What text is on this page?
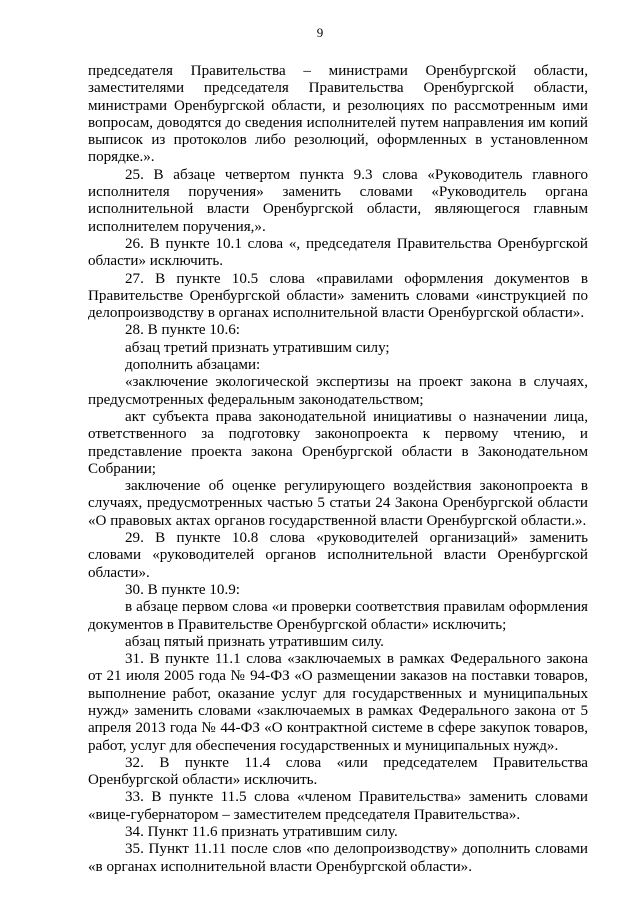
9

председателя Правительства – министрами Оренбургской области, заместителями председателя Правительства Оренбургской области, министрами Оренбургской области, и резолюциях по рассмотренным ими вопросам, доводятся до сведения исполнителей путем направления им копий выписок из протоколов либо резолюций, оформленных в установленном порядке.».

25. В абзаце четвертом пункта 9.3 слова «Руководитель главного исполнителя поручения» заменить словами «Руководитель органа исполнительной власти Оренбургской области, являющегося главным исполнителем поручения,».

26. В пункте 10.1 слова «, председателя Правительства Оренбургской области» исключить.

27. В пункте 10.5 слова «правилами оформления документов в Правительстве Оренбургской области» заменить словами «инструкцией по делопроизводству в органах исполнительной власти Оренбургской области».

28. В пункте 10.6:

абзац третий признать утратившим силу;

дополнить абзацами:

«заключение экологической экспертизы на проект закона в случаях, предусмотренных федеральным законодательством;

акт субъекта права законодательной инициативы о назначении лица, ответственного за подготовку законопроекта к первому чтению, и представление проекта закона Оренбургской области в Законодательном Собрании;

заключение об оценке регулирующего воздействия законопроекта в случаях, предусмотренных частью 5 статьи 24 Закона Оренбургской области «О правовых актах органов государственной власти Оренбургской области.».

29. В пункте 10.8 слова «руководителей организаций» заменить словами «руководителей органов исполнительной власти Оренбургской области».

30. В пункте 10.9:

в абзаце первом слова «и проверки соответствия правилам оформления документов в Правительстве Оренбургской области» исключить;

абзац пятый признать утратившим силу.

31. В пункте 11.1 слова «заключаемых в рамках Федерального закона от 21 июля 2005 года № 94-ФЗ «О размещении заказов на поставки товаров, выполнение работ, оказание услуг для государственных и муниципальных нужд» заменить словами «заключаемых в рамках Федерального закона от 5 апреля 2013 года № 44-ФЗ «О контрактной системе в сфере закупок товаров, работ, услуг для обеспечения государственных и муниципальных нужд».

32. В пункте 11.4 слова «или председателем Правительства Оренбургской области» исключить.

33. В пункте 11.5 слова «членом Правительства» заменить словами «вице-губернатором – заместителем председателя Правительства».

34. Пункт 11.6 признать утратившим силу.

35. Пункт 11.11 после слов «по делопроизводству» дополнить словами «в органах исполнительной власти Оренбургской области».
